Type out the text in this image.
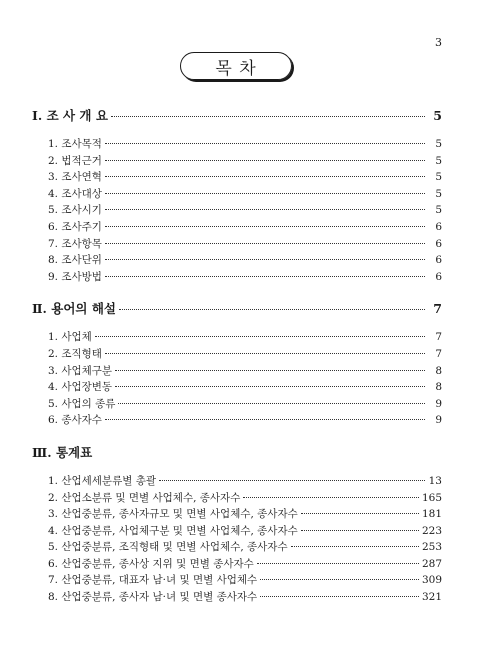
3
목 차
Ⅰ. 조 사 개 요	5
1. 조사목적	5
2. 법적근거	5
3. 조사연혁	5
4. 조사대상	5
5. 조사시기	5
6. 조사주기	6
7. 조사항목	6
8. 조사단위	6
9. 조사방법	6
Ⅱ. 용어의 해설	7
1. 사업체	7
2. 조직형태	7
3. 사업체구분	8
4. 사업장변동	8
5. 사업의 종류	9
6. 종사자수	9
Ⅲ. 통계표
1. 산업세세분류별 총괄	13
2. 산업소분류 및 면별 사업체수, 종사자수	165
3. 산업중분류, 종사자규모 및 면별 사업체수, 종사자수	181
4. 산업중분류, 사업체구분 및 면별 사업체수, 종사자수	223
5. 산업중분류, 조직형태 및 면별 사업체수, 종사자수	253
6. 산업중분류, 종사상 지위 및 면별 종사자수	287
7. 산업중분류, 대표자 남·녀 및 면별 사업체수	309
8. 산업중분류, 종사자 남·녀 및 면별 종사자수	321
